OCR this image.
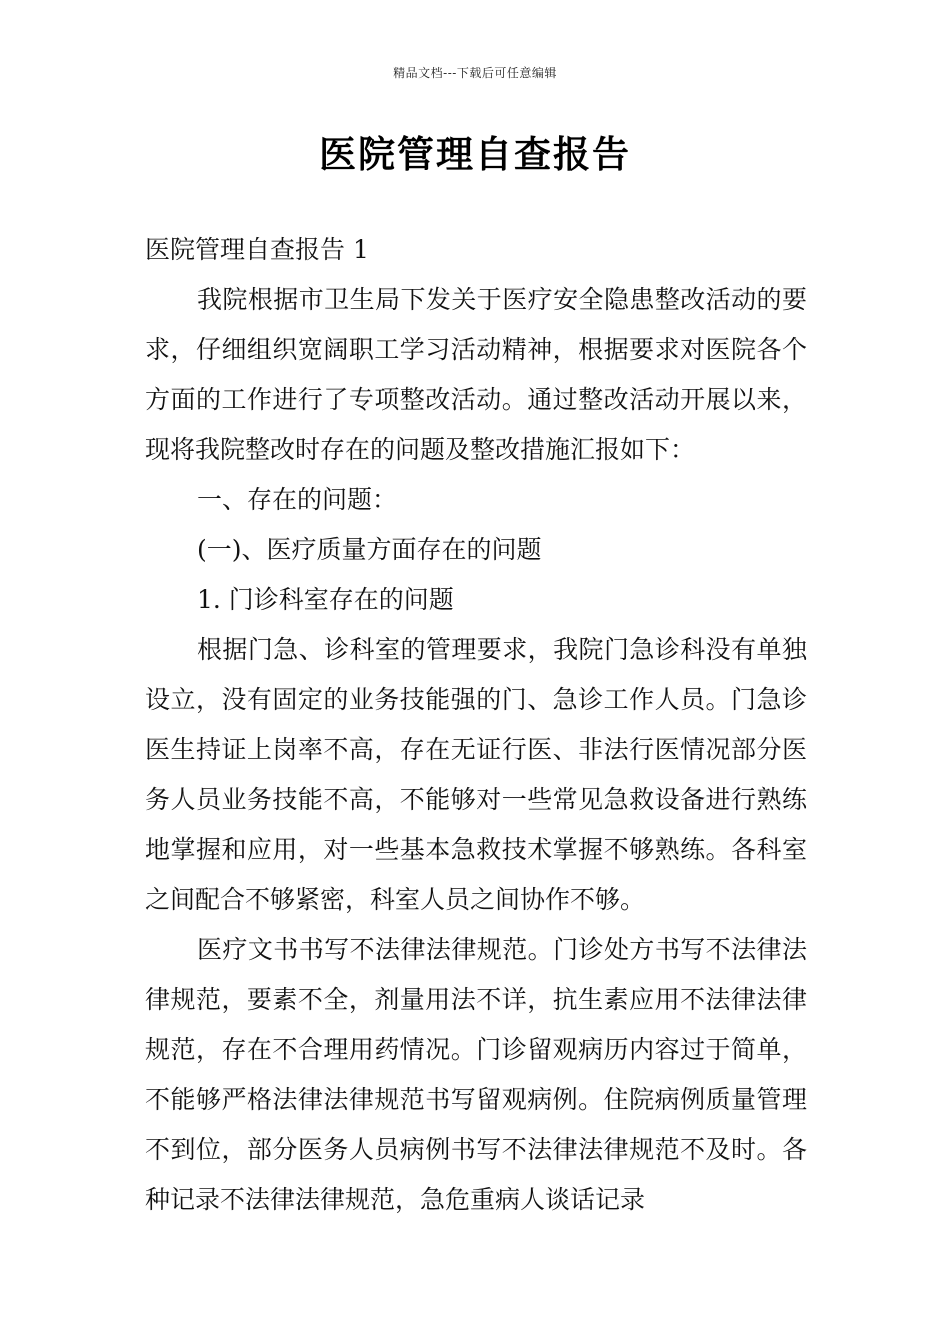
精品文档---下载后可任意编辑
医院管理自查报告

医院管理自查报告 1

我院根据市卫生局下发关于医疗安全隐患整改活动的要求，仔细组织宽阔职工学习活动精神，根据要求对医院各个方面的工作进行了专项整改活动。通过整改活动开展以来，现将我院整改时存在的问题及整改措施汇报如下：

一、存在的问题：

(一)、医疗质量方面存在的问题

1. 门诊科室存在的问题

根据门急、诊科室的管理要求，我院门急诊科没有单独设立，没有固定的业务技能强的门、急诊工作人员。门急诊医生持证上岗率不高，存在无证行医、非法行医情况部分医务人员业务技能不高，不能够对一些常见急救设备进行熟练地掌握和应用，对一些基本急救技术掌握不够熟练。各科室之间配合不够紧密，科室人员之间协作不够。

医疗文书书写不法律法律规范。门诊处方书写不法律法律规范，要素不全，剂量用法不详，抗生素应用不法律法律规范，存在不合理用药情况。门诊留观病历内容过于简单，不能够严格法律法律规范书写留观病例。住院病例质量管理不到位，部分医务人员病例书写不法律法律规范不及时。各种记录不法律法律规范，急危重病人谈话记录
